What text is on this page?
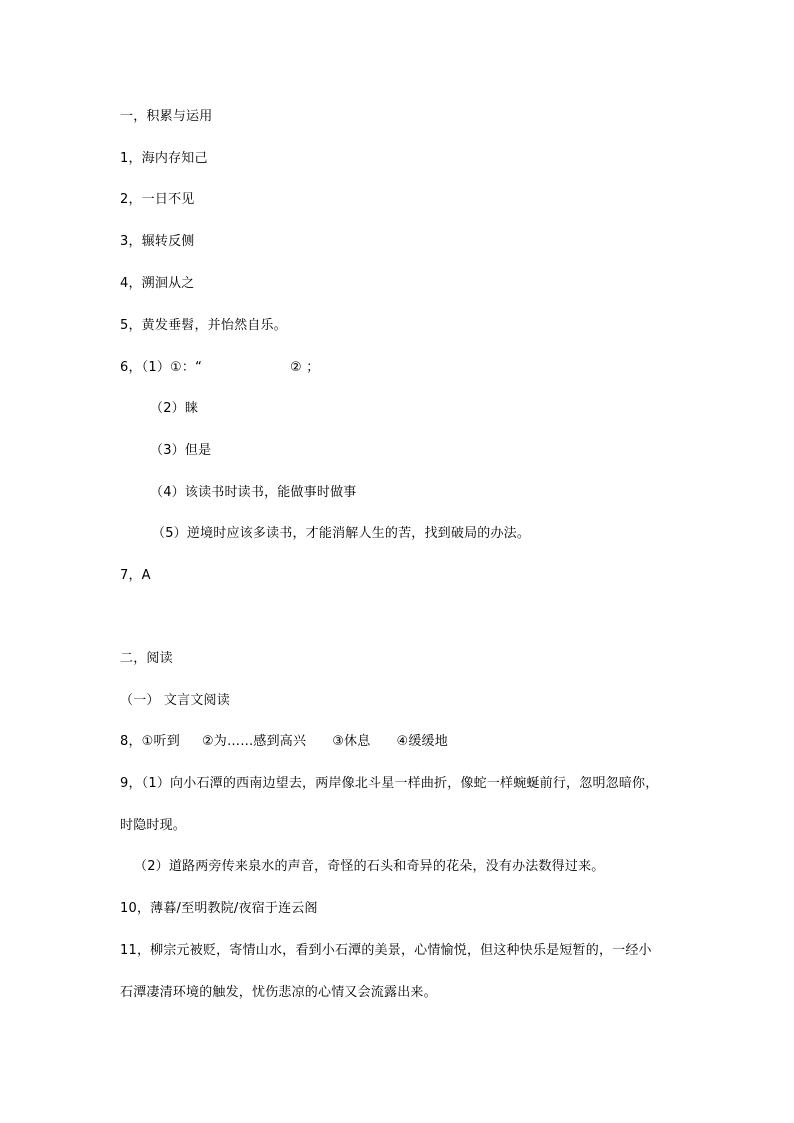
一，积累与运用
1，海内存知己
2，一日不见
3，辗转反侧
4，溯洄从之
5，黄发垂髫，并怡然自乐。
6，（1）①：“	② ；
（2）睐
（3）但是
（4）该读书时读书，能做事时做事
（5）逆境时应该多读书，才能消解人生的苦，找到破局的办法。
7，A
二，阅读
（一） 文言文阅读
8，①听到 ②为……感到高兴 ③休息 ④缓缓地
9，（1）向小石潭的西南边望去，两岸像北斗星一样曲折，像蛇一样蜿蜒前行，忽明忽暗你，
时隐时现。
（2）道路两旁传来泉水的声音，奇怪的石头和奇异的花朵，没有办法数得过来。
10，薄暮/至明教院/夜宿于连云阁
11，柳宗元被贬，寄情山水，看到小石潭的美景，心情愉悦，但这种快乐是短暂的，一经小
石潭凄清环境的触发，忧伤悲凉的心情又会流露出来。
